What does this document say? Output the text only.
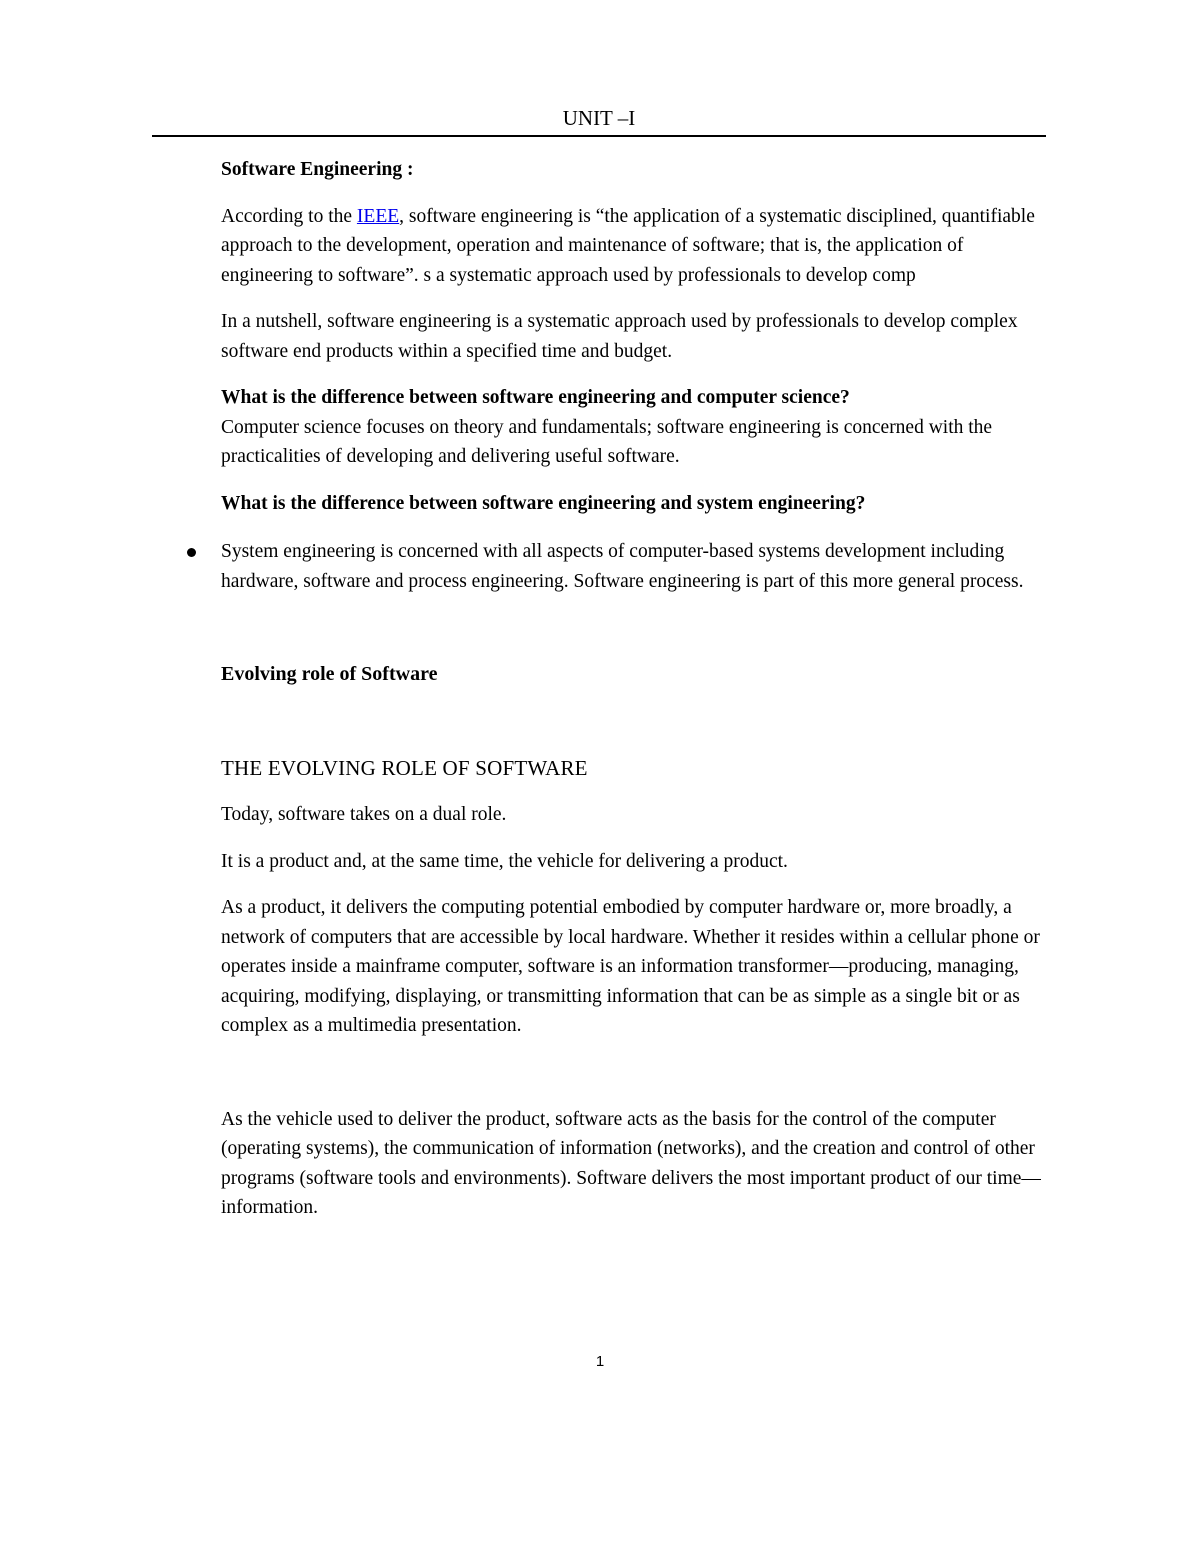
UNIT –I

Software Engineering :

According to the IEEE, software engineering is “the application of a systematic disciplined, quantifiable approach to the development, operation and maintenance of software; that is, the application of engineering to software”. s a systematic approach used by professionals to develop comp

In a nutshell, software engineering is a systematic approach used by professionals to develop complex software end products within a specified time and budget.

What is the difference between software engineering and computer science?

Computer science focuses on theory and fundamentals; software engineering is concerned with the practicalities of developing and delivering useful software.

What is the difference between software engineering and system engineering?

System engineering is concerned with all aspects of computer-based systems development including hardware, software and process engineering. Software engineering is part of this more general process.

Evolving role of Software

THE EVOLVING ROLE OF SOFTWARE

Today, software takes on a dual role.

It is a product and, at the same time, the vehicle for delivering a product.

As a product, it delivers the computing potential embodied by computer hardware or, more broadly, a network of computers that are accessible by local hardware. Whether it resides within a cellular phone or operates inside a mainframe computer, software is an information transformer—producing, managing, acquiring, modifying, displaying, or transmitting information that can be as simple as a single bit or as complex as a multimedia presentation.

As the vehicle used to deliver the product, software acts as the basis for the control of the computer (operating systems), the communication of information (networks), and the creation and control of other programs (software tools and environments). Software delivers the most important product of our time—information.

1
